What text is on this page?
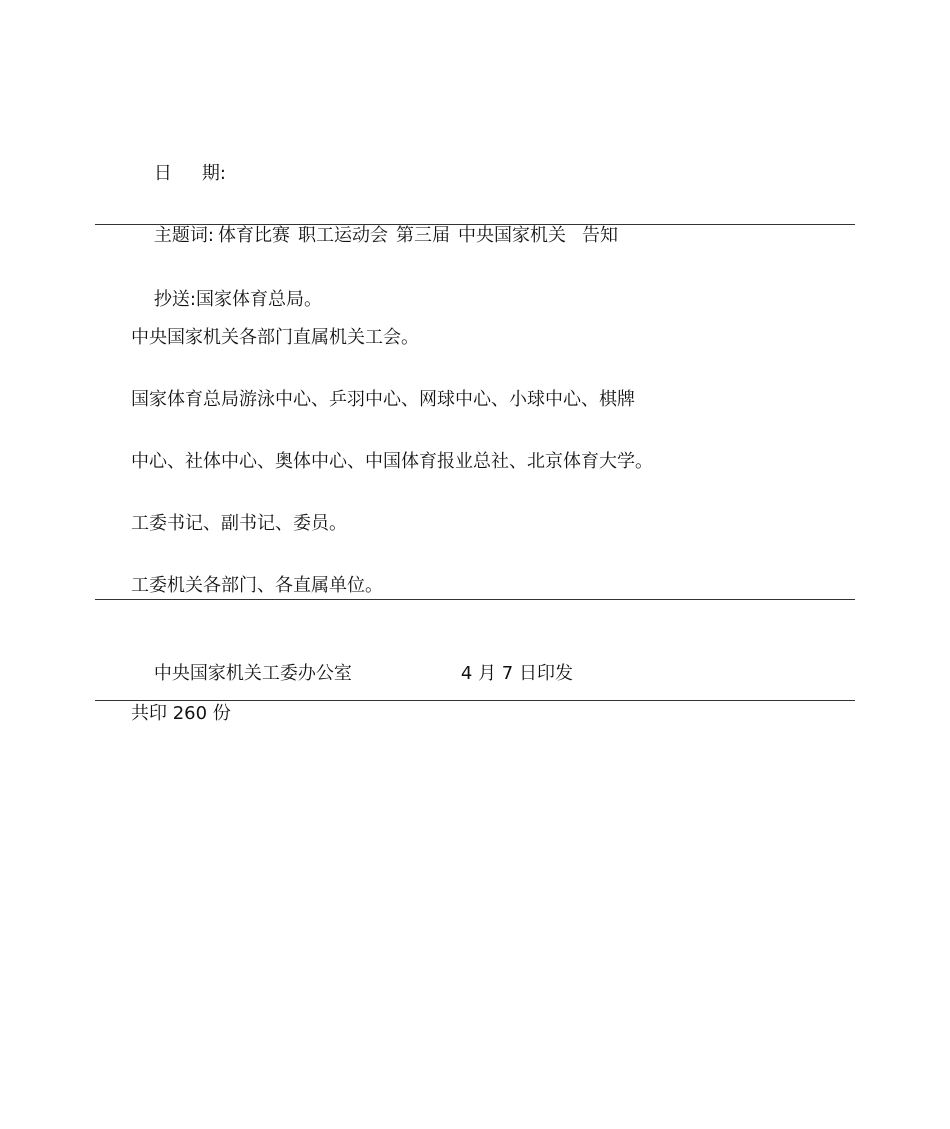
日 期:

主题词: 体育比赛 职工运动会 第三届 中央国家机关 告知

抄送:国家体育总局。

中央国家机关各部门直属机关工会。
国家体育总局游泳中心、乒羽中心、网球中心、小球中心、棋牌
中心、社体中心、奥体中心、中国体育报业总社、北京体育大学。
工委书记、副书记、委员。
工委机关各部门、各直属单位。

中央国家机关工委办公室	4 月 7 日印发

共印 260 份
